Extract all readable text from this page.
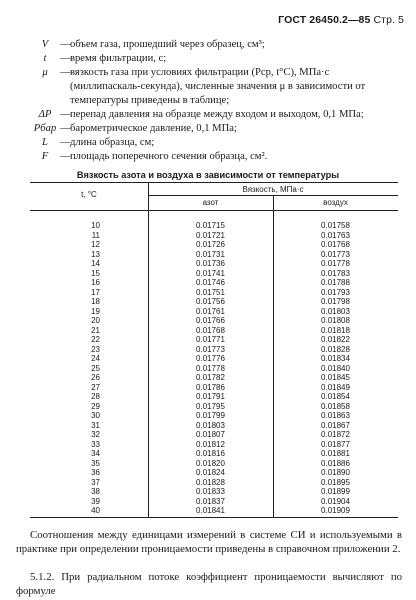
ГОСТ 26450.2—85 Стр. 5
V	— объем газа, прошедший через образец, см³;
t	— время фильтрации, с;
μ	— вязкость газа при условиях фильтрации (Pср, t°С), МПа·с (миллипаскаль-секунда), численные значения μ в зависимости от температуры приведены в таблице;
ΔP — перепад давления на образце между входом и выходом, 0,1 МПа;
Pбар — барометрическое давление, 0,1 МПа;
L	— длина образца, см;
F	— площадь поперечного сечения образца, см².
Вязкость азота и воздуха в зависимости от температуры
t, °С
Вязкость, МПа·с
азот	воздух
10	0.01715	0.01758
11	0.01721	0.01763
12	0.01726	0.01768
13	0.01731	0.01773
14	0.01736	0.01778
15	0.01741	0.01783
16	0.01746	0.01788
17	0.01751	0.01793
18	0.01756	0.01798
19	0.01761	0.01803
20	0.01766	0.01808
21	0.01768	0.01818
22	0.01771	0.01822
23	0.01773	0.01828
24	0.01776	0.01834
25	0.01778	0.01840
26	0.01782	0.01845
27	0.01786	0.01849
28	0.01791	0.01854
29	0.01795	0.01858
30	0.01799	0.01863
31	0.01803	0.01867
32	0.01807	0.01872
33	0.01812	0.01877
34	0.01816	0.01881
35	0.01820	0.01886
36	0.01824	0.01890
37	0.01828	0.01895
38	0.01833	0.01899
39	0.01837	0.01904
40	0.01841	0.01909
Соотношения между единицами измерений в системе СИ и используемыми в практике при определении проницаемости приведены в справочном приложении 2.
5.1.2. При радиальном потоке коэффициент проницаемости вычисляют по формуле
